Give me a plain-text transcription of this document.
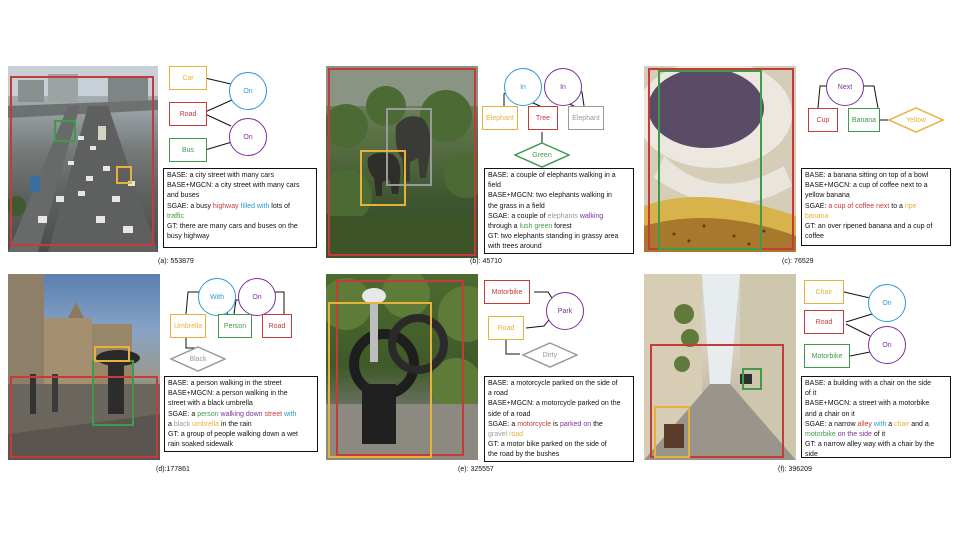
Car
On
Road
On
Bus
BASE: a city street with many cars
BASE+MGCN: a city street with many cars
and buses
SGAE: a busy highway filled with lots of
traffic
GT: there are many cars and buses on the
busy highway
(a): 553879
In	In
Elephant	Tree	Elephant
Green
BASE: a couple of elephants walking in a
field
BASE+MGCN: two elephants walking in
the grass in a field
SGAE: a couple of elephants walking
through a lush green forest
GT: two elephants standing in grassy area
with trees around
(b): 45710
Next
Cup	Banana	Yellow
BASE: a banana sitting on top of a bowl
BASE+MGCN: a cup of coffee next to a
yellow banana
SGAE: a cup of coffee next to a ripe
banana
GT: an over ripened banana and a cup of
coffee
(c): 76529
With	On
Umbrella	Person	Road
Black
BASE: a person walking in the street
BASE+MGCN: a person walking in the
street with a black umbrella
SGAE: a person walking down street with
a black umbrella in the rain
GT: a group of people walking down a wet
rain soaked sidewalk
(d):177861
Motorbike
Park
Road
Dirty
BASE: a motorcycle parked on the side of
a road
BASE+MGCN: a motorcycle parked on the
side of a road
SGAE: a motorcycle is parked on the
gravel road
GT: a motor bike parked on the side of
the road by the bushes
(e): 325557
Chair
On
Road
On
Motorbike
BASE: a building with a chair on the side
of it
BASE+MGCN: a street with a motorbike
and a chair on it
SGAE: a narrow alley with a chair and a
motorbike on the side of it
GT: a narrow alley way with a chair by the
side
(f): 396209
